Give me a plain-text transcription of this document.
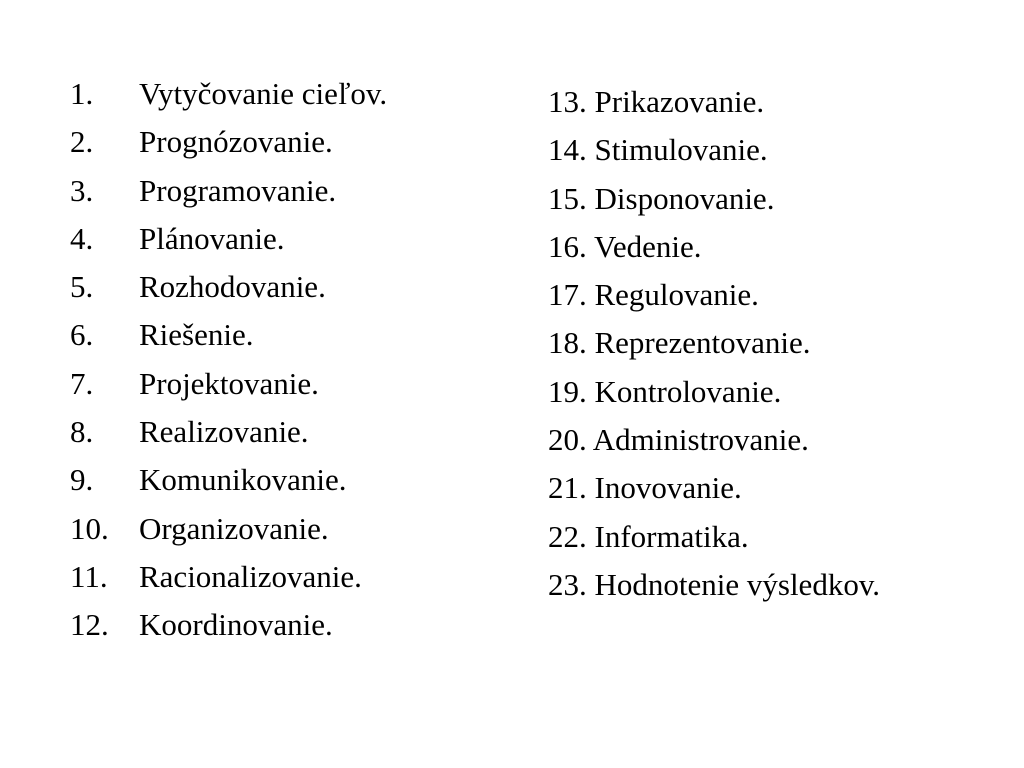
1. Vytyčovanie cieľov.
2. Prognózovanie.
3. Programovanie.
4. Plánovanie.
5. Rozhodovanie.
6. Riešenie.
7. Projektovanie.
8. Realizovanie.
9. Komunikovanie.
10. Organizovanie.
11. Racionalizovanie.
12. Koordinovanie.
13. Prikazovanie.
14. Stimulovanie.
15. Disponovanie.
16. Vedenie.
17. Regulovanie.
18. Reprezentovanie.
19. Kontrolovanie.
20. Administrovanie.
21. Inovovanie.
22. Informatika.
23. Hodnotenie výsledkov.
